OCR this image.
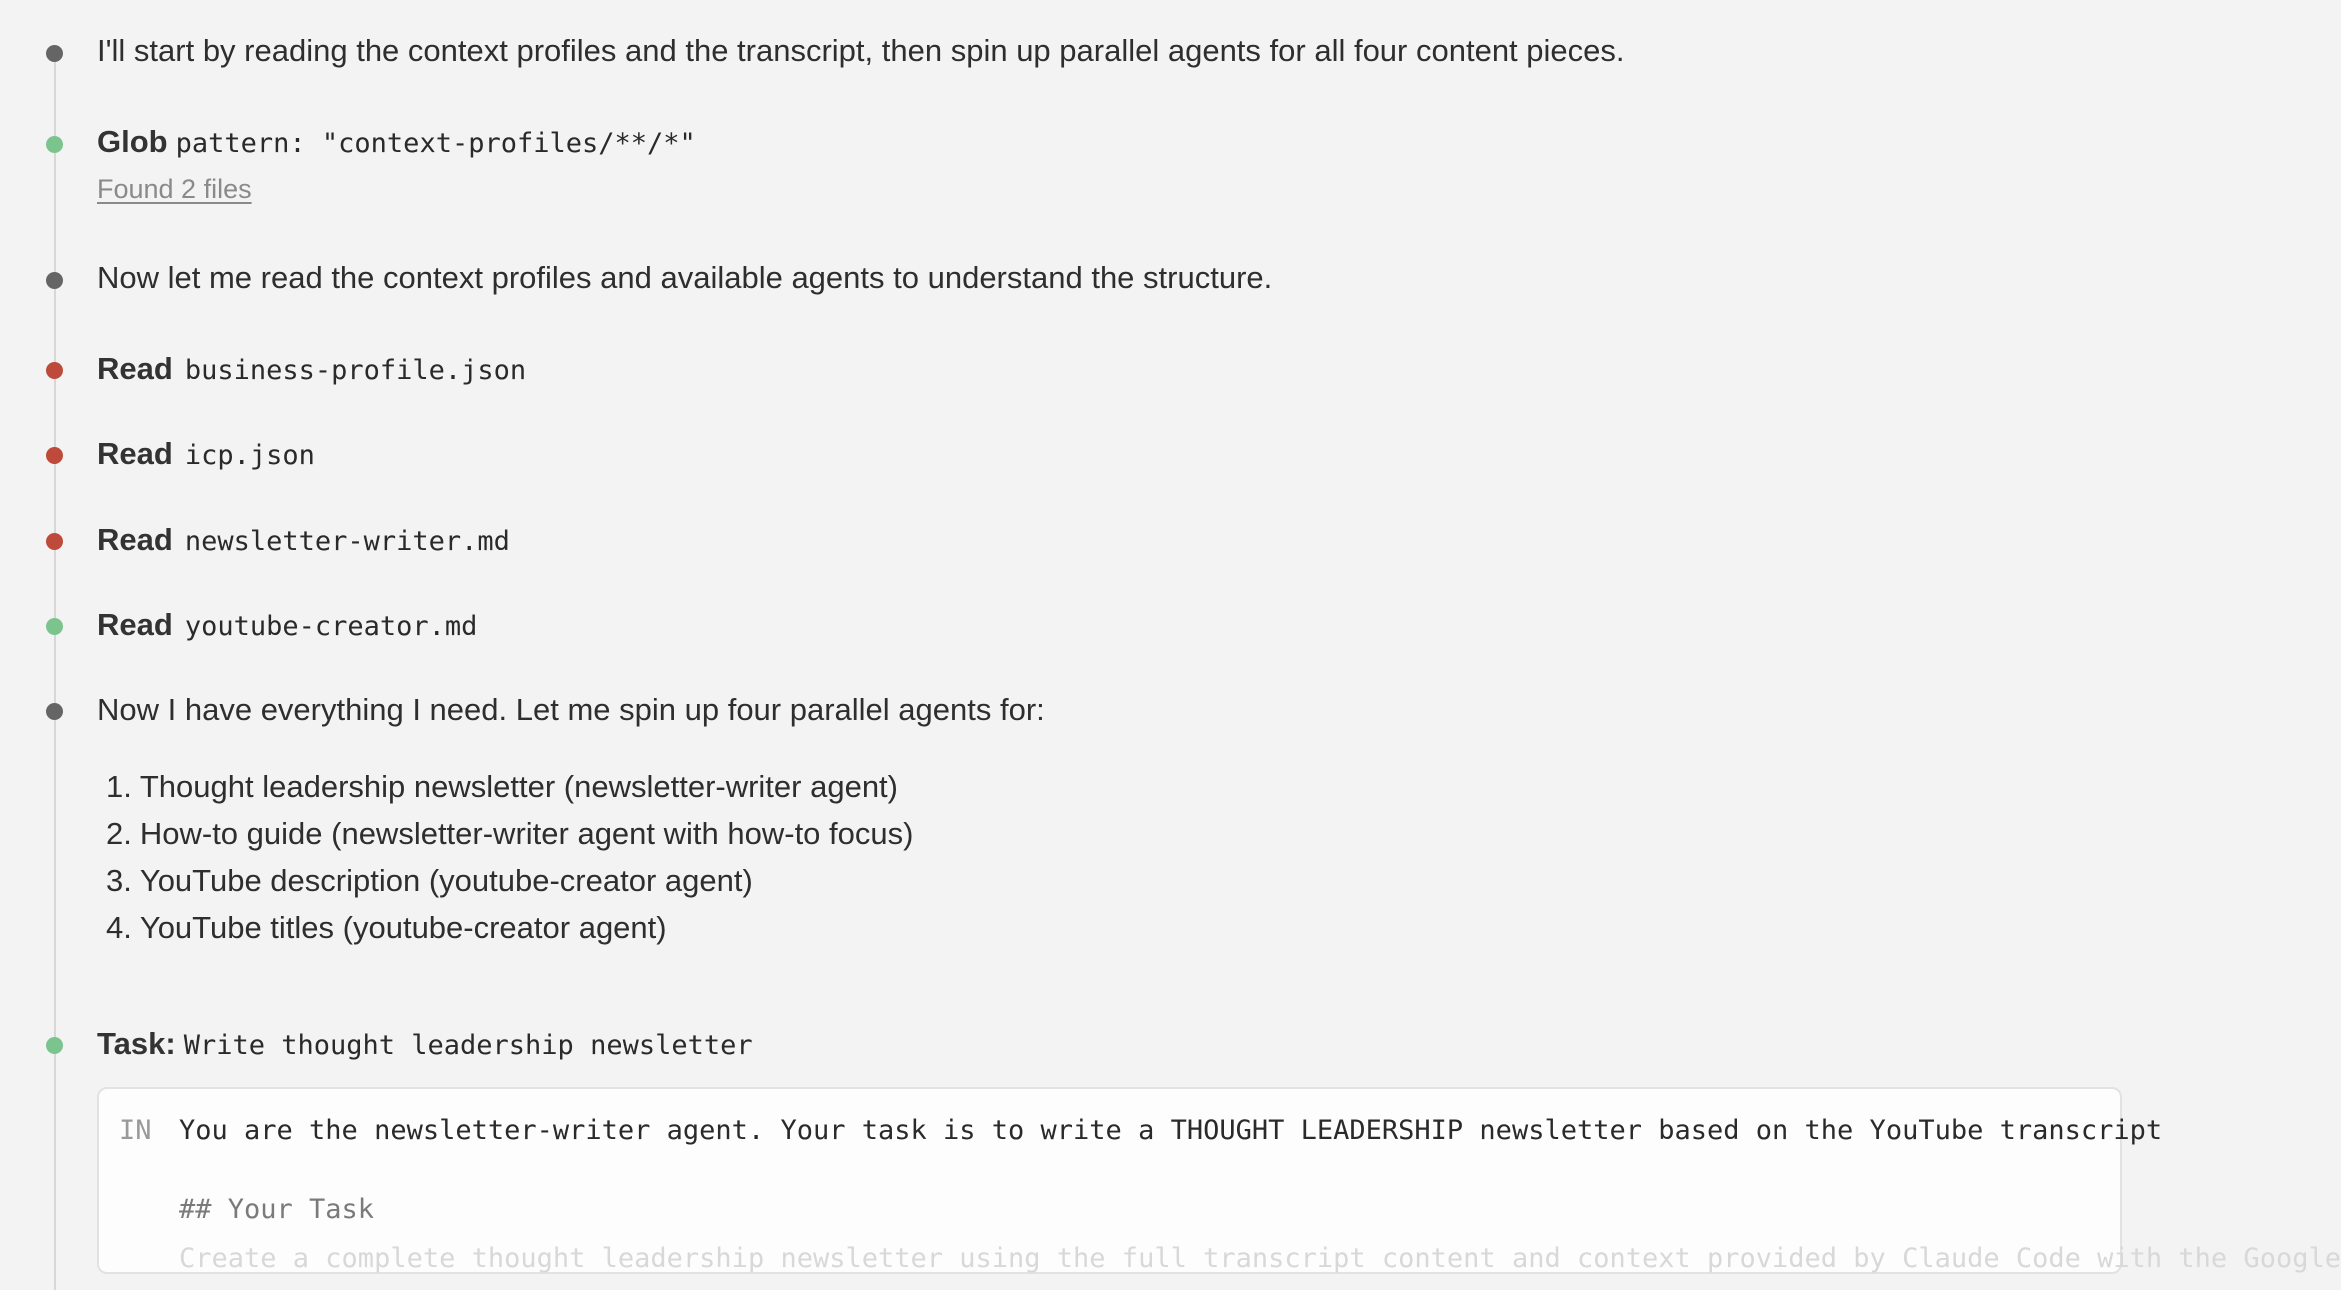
I'll start by reading the context profiles and the transcript, then spin up parallel agents for all four content pieces.
Glob pattern: "context-profiles/**/*"
Found 2 files
Now let me read the context profiles and available agents to understand the structure.
Read business-profile.json
Read icp.json
Read newsletter-writer.md
Read youtube-creator.md
Now I have everything I need. Let me spin up four parallel agents for:
1. Thought leadership newsletter (newsletter-writer agent)
2. How-to guide (newsletter-writer agent with how-to focus)
3. YouTube description (youtube-creator agent)
4. YouTube titles (youtube-creator agent)
Task: Write thought leadership newsletter
IN You are the newsletter-writer agent. Your task is to write a THOUGHT LEADERSHIP newsletter based on the YouTube transcript
## Your Task
Create a complete thought leadership newsletter using the full transcript content and context provided by Claude Code with the Google
